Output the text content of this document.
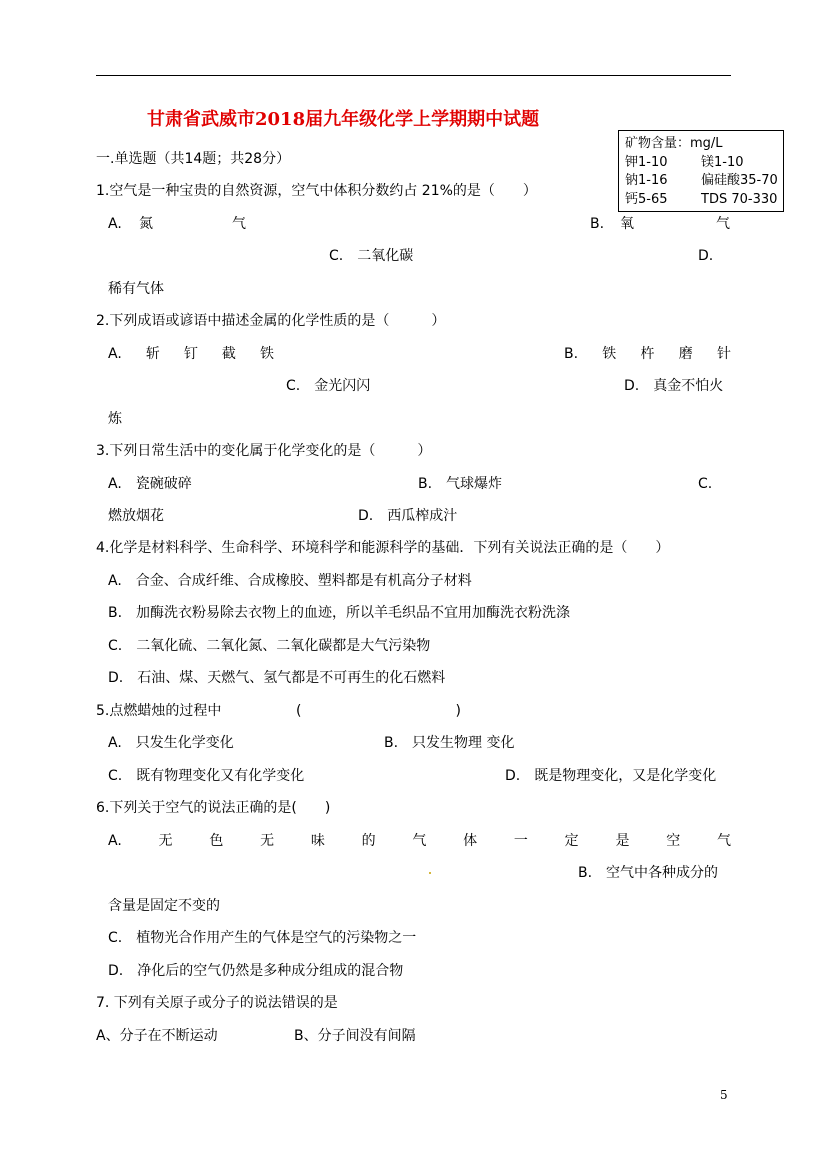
甘肃省武威市2018届九年级化学上学期期中试题
矿物含量：mg/L
钾1-10	镁1-10
钠1-16	偏硅酸35-70
钙5-65	TDS 70-330
一.单选题（共14题；共28分）
1.空气是一种宝贵的自然资源，空气中体积分数约占 21%的是（　　）
A. 氮	气	B. 氧	气
C.　二氧化碳	D.
稀有气体
2.下列成语或谚语中描述金属的化学性质的是（　　　）
A. 斩 钉 截 铁	B. 铁 杵 磨 针
C.　金光闪闪	D.　真金不怕火
炼
3.下列日常生活中的变化属于化学变化的是（　　　）
A.　瓷碗破碎	B.　气球爆炸	C.
燃放烟花	D.　西瓜榨成汁
4.化学是材料科学、生命科学、环境科学和能源科学的基础．下列有关说法正确的是（　　）
A.　合金、合成纤维、合成橡胶、塑料都是有机高分子材料
B.　加酶洗衣粉易除去衣物上的血迹，所以羊毛织品不宜用加酶洗衣粉洗涤
C.　二氧化硫、二氧化氮、二氧化碳都是大气污染物
D.　石油、煤、天燃气、氢气都是不可再生的化石燃料
5.点燃蜡烛的过程中	(　　　　　　　　　　　)
A.　只发生化学变化	B.　只发生物理 变化
C.　既有物理变化又有化学变化	D.　既是物理变化，又是化学变化
6.下列关于空气的说法正确的是(　　)
A.	无	色	无	味	的	气	体	一	定	是	空	气
B.　空气中各种成分的
含量是固定不变的
C.　植物光合作用产生的气体是空气的污染物之一
D.　净化后的空气仍然是多种成分组成的混合物
7. 下列有关原子或分子的说法错误的是
A、分子在不断运动	B、分子间没有间隔
5
